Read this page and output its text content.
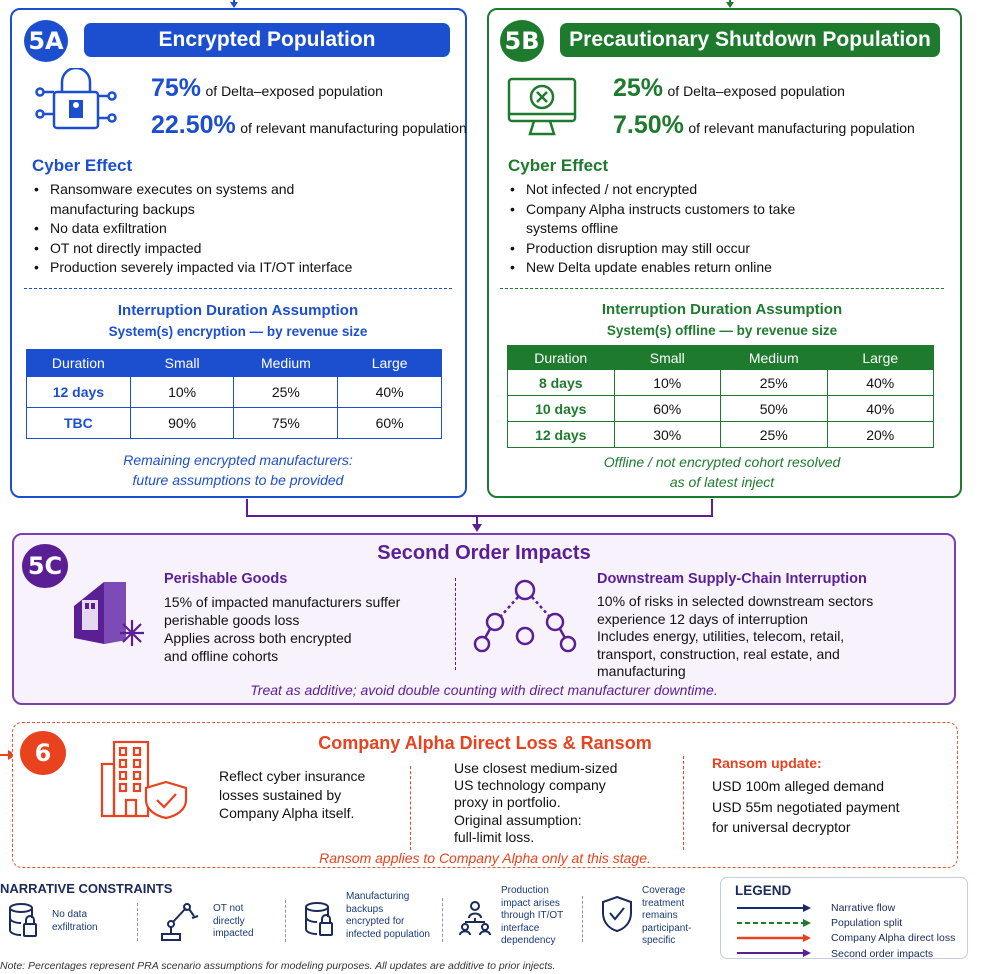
5A	Encrypted Population
75% of Delta–exposed population
22.50% of relevant manufacturing population
Cyber Effect
• Ransomware executes on systems and
manufacturing backups
• No data exfiltration
• OT not directly impacted
• Production severely impacted via IT/OT interface
Interruption Duration Assumption
System(s) encryption — by revenue size
Duration	Small	Medium	Large
12 days	10%	25%	40%
TBC	90%	75%	60%
Remaining encrypted manufacturers:
future assumptions to be provided
5B	Precautionary Shutdown Population
25% of Delta–exposed population
7.50% of relevant manufacturing population
Cyber Effect
• Not infected / not encrypted
• Company Alpha instructs customers to take
systems offline
• Production disruption may still occur
• New Delta update enables return online
Interruption Duration Assumption
System(s) offline — by revenue size
Duration	Small	Medium	Large
8 days	10%	25%	40%
10 days	60%	50%	40%
12 days	30%	25%	20%
Offline / not encrypted cohort resolved
as of latest inject
5C	Second Order Impacts
Perishable Goods
15% of impacted manufacturers suffer
perishable goods loss
Applies across both encrypted
and offline cohorts
Downstream Supply-Chain Interruption
10% of risks in selected downstream sectors
experience 12 days of interruption
Includes energy, utilities, telecom, retail,
transport, construction, real estate, and
manufacturing
Treat as additive; avoid double counting with direct manufacturer downtime.
6	Company Alpha Direct Loss & Ransom
Reflect cyber insurance
losses sustained by
Company Alpha itself.
Use closest medium-sized
US technology company
proxy in portfolio.
Original assumption:
full-limit loss.
Ransom update:
USD 100m alleged demand
USD 55m negotiated payment
for universal decryptor
Ransom applies to Company Alpha only at this stage.
NARRATIVE CONSTRAINTS
No data
exfiltration
OT not
directly
impacted
Manufacturing
backups
encrypted for
infected population
Production
impact arises
through IT/OT
interface
dependency
Coverage
treatment
remains
participant-
specific
LEGEND
Narrative flow
Population split
Company Alpha direct loss
Second order impacts
Note: Percentages represent PRA scenario assumptions for modeling purposes. All updates are additive to prior injects.
